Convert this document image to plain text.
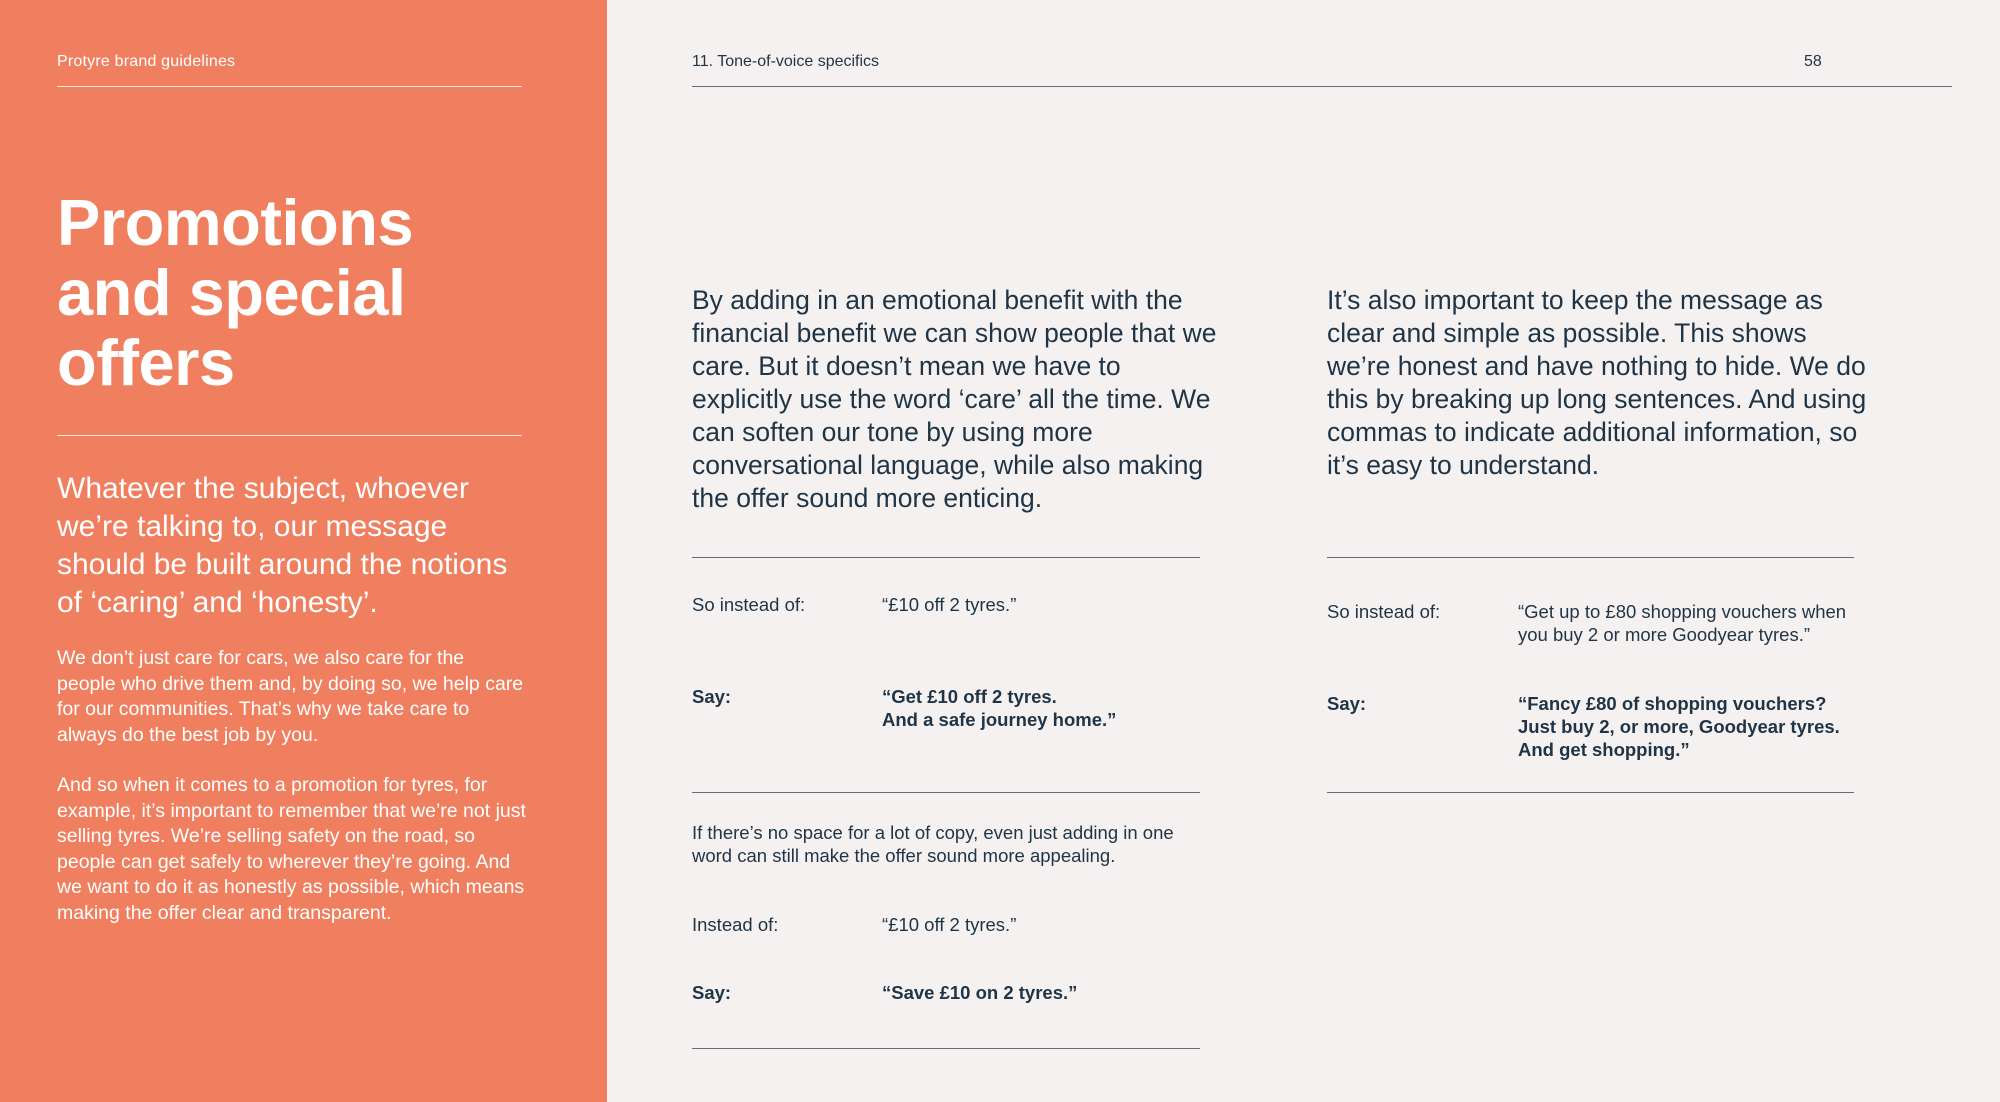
Protyre brand guidelines
Promotions
and special
offers

Whatever the subject, whoever we’re talking to, our message should be built around the notions of ‘caring’ and ‘honesty’.

We don’t just care for cars, we also care for the people who drive them and, by doing so, we help care for our communities. That’s why we take care to always do the best job by you.

And so when it comes to a promotion for tyres, for example, it’s important to remember that we’re not just selling tyres. We’re selling safety on the road, so people can get safely to wherever they’re going. And we want to do it as honestly as possible, which means making the offer clear and transparent.

11. Tone-of-voice specifics	58

By adding in an emotional benefit with the financial benefit we can show people that we care. But it doesn’t mean we have to explicitly use the word ‘care’ all the time. We can soften our tone by using more conversational language, while also making the offer sound more enticing.

So instead of:	“£10 off 2 tyres.”
Say:	“Get £10 off 2 tyres.
And a safe journey home.”

If there’s no space for a lot of copy, even just adding in one word can still make the offer sound more appealing.

Instead of:	“£10 off 2 tyres.”
Say:	“Save £10 on 2 tyres.”

It’s also important to keep the message as clear and simple as possible. This shows we’re honest and have nothing to hide. We do this by breaking up long sentences. And using commas to indicate additional information, so it’s easy to understand.

So instead of:	“Get up to £80 shopping vouchers when
you buy 2 or more Goodyear tyres.”
Say:	“Fancy £80 of shopping vouchers?
Just buy 2, or more, Goodyear tyres.
And get shopping.”
